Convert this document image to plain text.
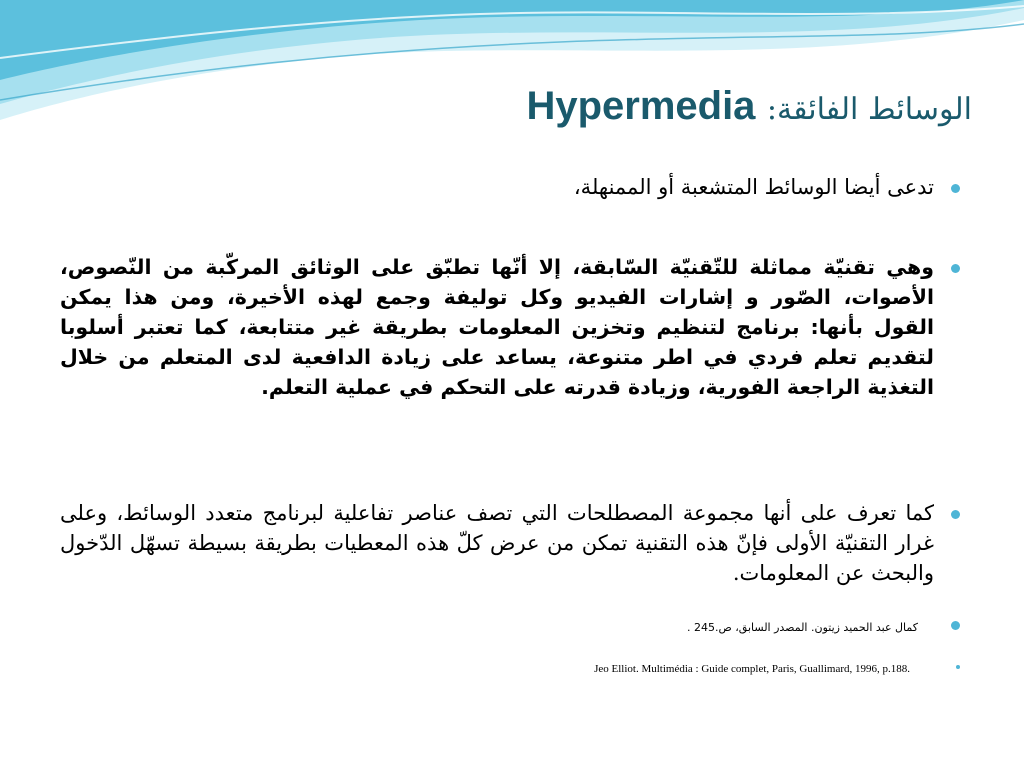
الوسائط الفائقة: Hypermedia
تدعى أيضا الوسائط المتشعبة أو الممنهلة،
وهي تقنيّة مماثلة للتّقنيّة السّابقة، إلا أنّها تطبّق على الوثائق المركّبة من النّصوص، الأصوات، الصّور و إشارات الفيديو وكل توليفة وجمع لهذه الأخيرة، ومن هذا يمكن القول بأنها: برنامج لتنظيم وتخزين المعلومات بطريقة غير متتابعة، كما تعتبر أسلوبا لتقديم تعلم فردي في اطر متنوعة، يساعد على زيادة الدافعية لدى المتعلم من خلال التغذية الراجعة الفورية، وزيادة قدرته على التحكم في عملية التعلم.
كما تعرف على أنها مجموعة المصطلحات التي تصف عناصر تفاعلية لبرنامج متعدد الوسائط، وعلى غرار التقنيّة الأولى فإنّ هذه التقنية تمكن من عرض كلّ هذه المعطيات بطريقة بسيطة تسهّل الدّخول والبحث عن المعلومات.
كمال عبد الحميد زيتون. المصدر السابق، ص.245 .
Jeo Elliot. Multimédia : Guide complet, Paris, Guallimard, 1996, p.188.
